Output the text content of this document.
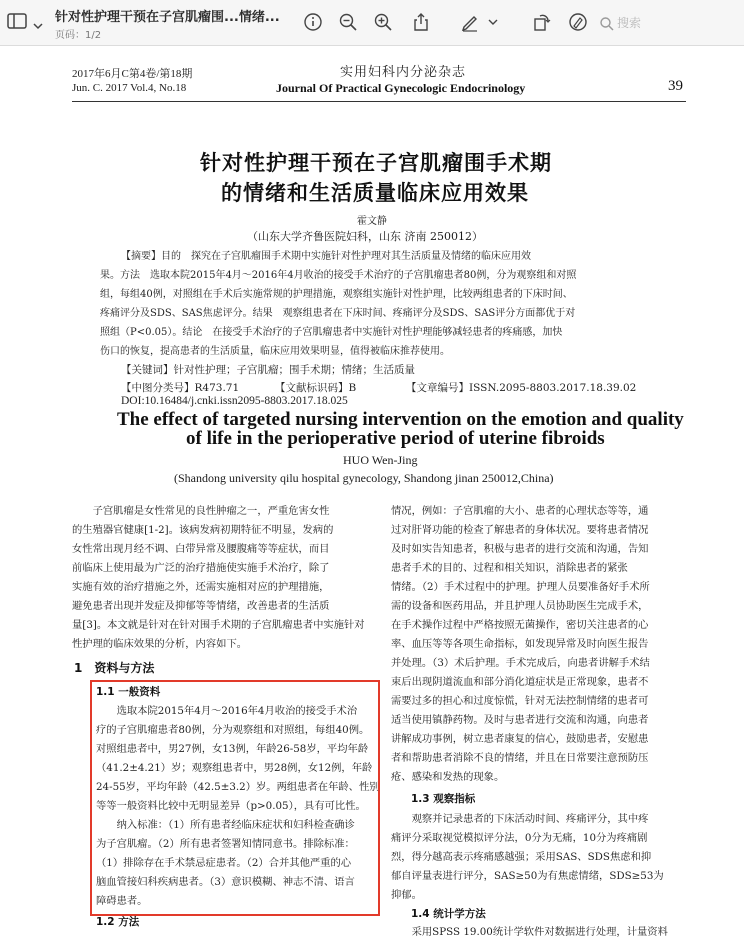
针对性护理干预在子宫肌瘤围...情绪...
页码：1/2
搜索
2017年6月C第4卷/第18期
Jun. C. 2017 Vol.4, No.18
实用妇科内分泌杂志
Journal Of Practical Gynecologic Endocrinology	39
针对性护理干预在子宫肌瘤围手术期
的情绪和生活质量临床应用效果
霍文静
（山东大学齐鲁医院妇科，山东 济南 250012）
【摘要】目的　探究在子宫肌瘤围手术期中实施针对性护理对其生活质量及情绪的临床应用效
果。方法　选取本院2015年4月～2016年4月收治的接受手术治疗的子宫肌瘤患者80例，分为观察组和对照
组，每组40例，对照组在手术后实施常规的护理措施，观察组实施针对性护理，比较两组患者的下床时间、
疼痛评分及SDS、SAS焦虑评分。结果　观察组患者在下床时间、疼痛评分及SDS、SAS评分方面都优于对
照组（P<0.05）。结论　在接受手术治疗的子宫肌瘤患者中实施针对性护理能够减轻患者的疼痛感，加快
伤口的恢复，提高患者的生活质量，临床应用效果明显，值得被临床推荐使用。
【关键词】针对性护理；子宫肌瘤；围手术期；情绪；生活质量
【中图分类号】R473.71	【文献标识码】B	【文章编号】ISSN.2095-8803.2017.18.39.02
DOI:10.16484/j.cnki.issn2095-8803.2017.18.025
The effect of targeted nursing intervention on the emotion and quality
of life in the perioperative period of uterine fibroids
HUO Wen-Jing
(Shandong university qilu hospital gynecology, Shandong jinan 250012,China)
　　子宫肌瘤是女性常见的良性肿瘤之一，严重危害女性
的生殖器官健康[1-2]。该病发病初期特征不明显，发病的
女性常出现月经不调、白带异常及腰腹痛等等症状，而目
前临床上使用最为广泛的治疗措施使实施手术治疗，除了
实施有效的治疗措施之外，还需实施相对应的护理措施，
避免患者出现并发症及抑郁等等情绪，改善患者的生活质
量[3]。本文就是针对在针对围手术期的子宫肌瘤患者中实施针对
性护理的临床效果的分析，内容如下。
1　资料与方法
1.1 一般资料
　　选取本院2015年4月～2016年4月收治的接受手术治
疗的子宫肌瘤患者80例，分为观察组和对照组，每组40例。
对照组患者中，男27例，女13例，年龄26-58岁，平均年龄
（41.2±4.21）岁；观察组患者中，男28例，女12例，年龄
24-55岁，平均年龄（42.5±3.2）岁。两组患者在年龄、性别
等等一般资料比较中无明显差异（p>0.05），具有可比性。
　　纳入标准：（1）所有患者经临床症状和妇科检查确诊
为子宫肌瘤。（2）所有患者签署知情同意书。排除标准：
（1）排除存在手术禁忌症患者。（2）合并其他严重的心
脑血管接妇科疾病患者。（3）意识模糊、神志不清、语言
障碍患者。
1.2 方法
情况，例如：子宫肌瘤的大小、患者的心理状态等等，通
过对肝肾功能的检查了解患者的身体状况。要将患者情况
及时如实告知患者，积极与患者的进行交流和沟通，告知
患者手术的目的、过程和相关知识，消除患者的紧张
情绪。（2）手术过程中的护理。护理人员要准备好手术所
需的设备和医药用品，并且护理人员协助医生完成手术，
在手术操作过程中严格按照无菌操作，密切关注患者的心
率、血压等等各项生命指标，如发现异常及时向医生报告
并处理。（3）术后护理。手术完成后，向患者讲解手术结
束后出现阴道流血和部分消化道症状是正常现象，患者不
需要过多的担心和过度惊慌，针对无法控制情绪的患者可
适当使用镇静药物。及时与患者进行交流和沟通，向患者
讲解成功事例，树立患者康复的信心，鼓励患者，安慰患
者和帮助患者消除不良的情绪，并且在日常要注意预防压
疮、感染和发热的现象。
1.3 观察指标
　　观察并记录患者的下床活动时间、疼痛评分，其中疼
痛评分采取视觉模拟评分法，0分为无痛，10分为疼痛剧
烈，得分越高表示疼痛感越强；采用SAS、SDS焦虑和抑
郁自评量表进行评分，SAS≥50为有焦虑情绪，SDS≥53为
抑郁。
1.4 统计学方法
　　采用SPSS 19.00统计学软件对数据进行处理，计量资料
